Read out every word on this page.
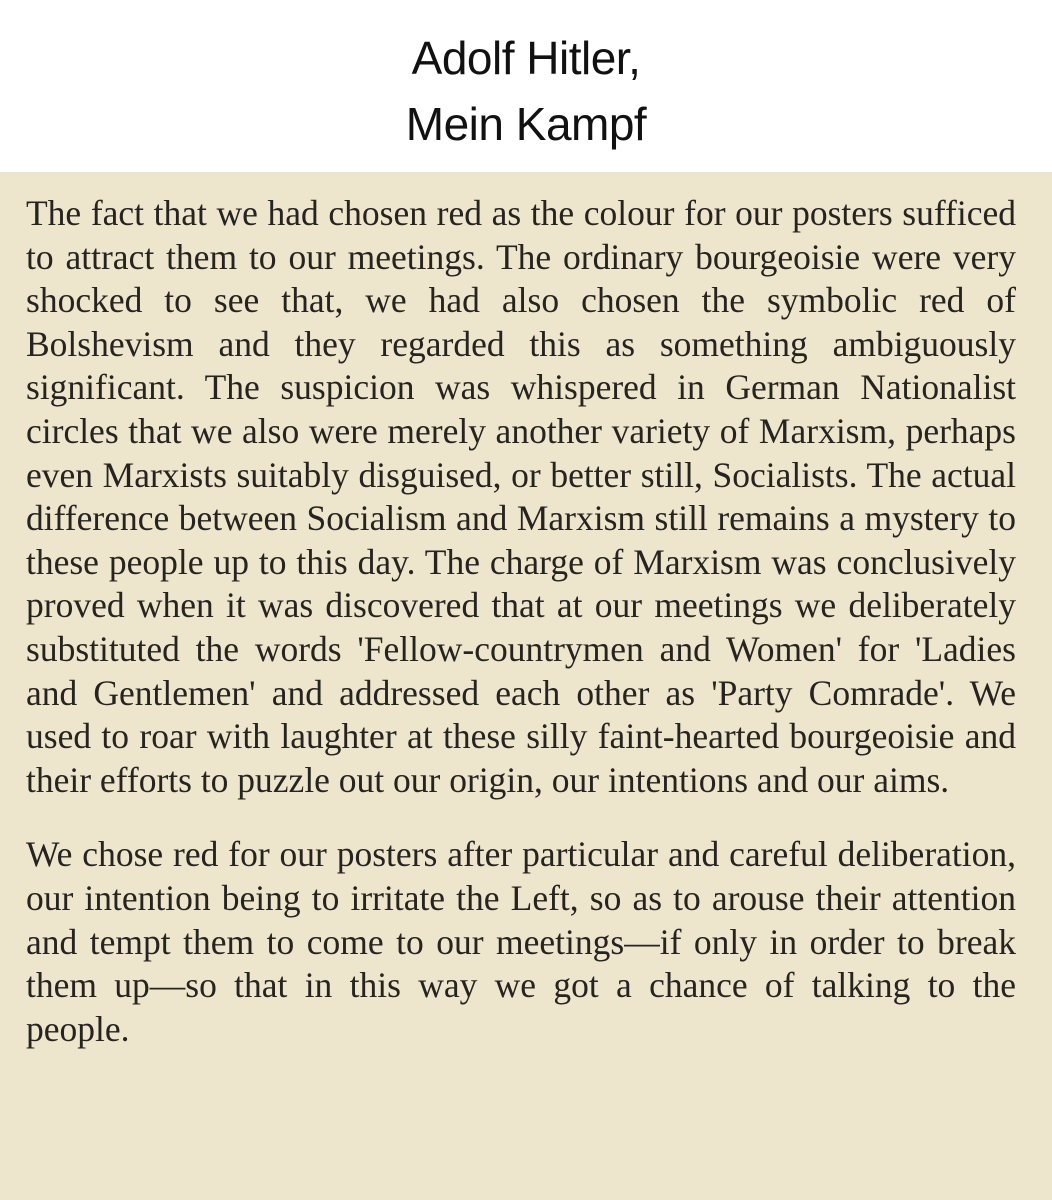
Adolf Hitler,
Mein Kampf

The fact that we had chosen red as the colour for our posters sufficed to attract them to our meetings. The ordinary bourgeoisie were very shocked to see that, we had also chosen the symbolic red of Bolshevism and they regarded this as something ambiguously significant. The suspicion was whispered in German Nationalist circles that we also were merely another variety of Marxism, perhaps even Marxists suitably disguised, or better still, Socialists. The actual difference between Socialism and Marxism still remains a mystery to these people up to this day. The charge of Marxism was conclusively proved when it was discovered that at our meetings we deliberately substituted the words 'Fellow-countrymen and Women' for 'Ladies and Gentlemen' and addressed each other as 'Party Comrade'. We used to roar with laughter at these silly faint-hearted bourgeoisie and their efforts to puzzle out our origin, our intentions and our aims.

We chose red for our posters after particular and careful deliberation, our intention being to irritate the Left, so as to arouse their attention and tempt them to come to our meetings—if only in order to break them up—so that in this way we got a chance of talking to the people.
